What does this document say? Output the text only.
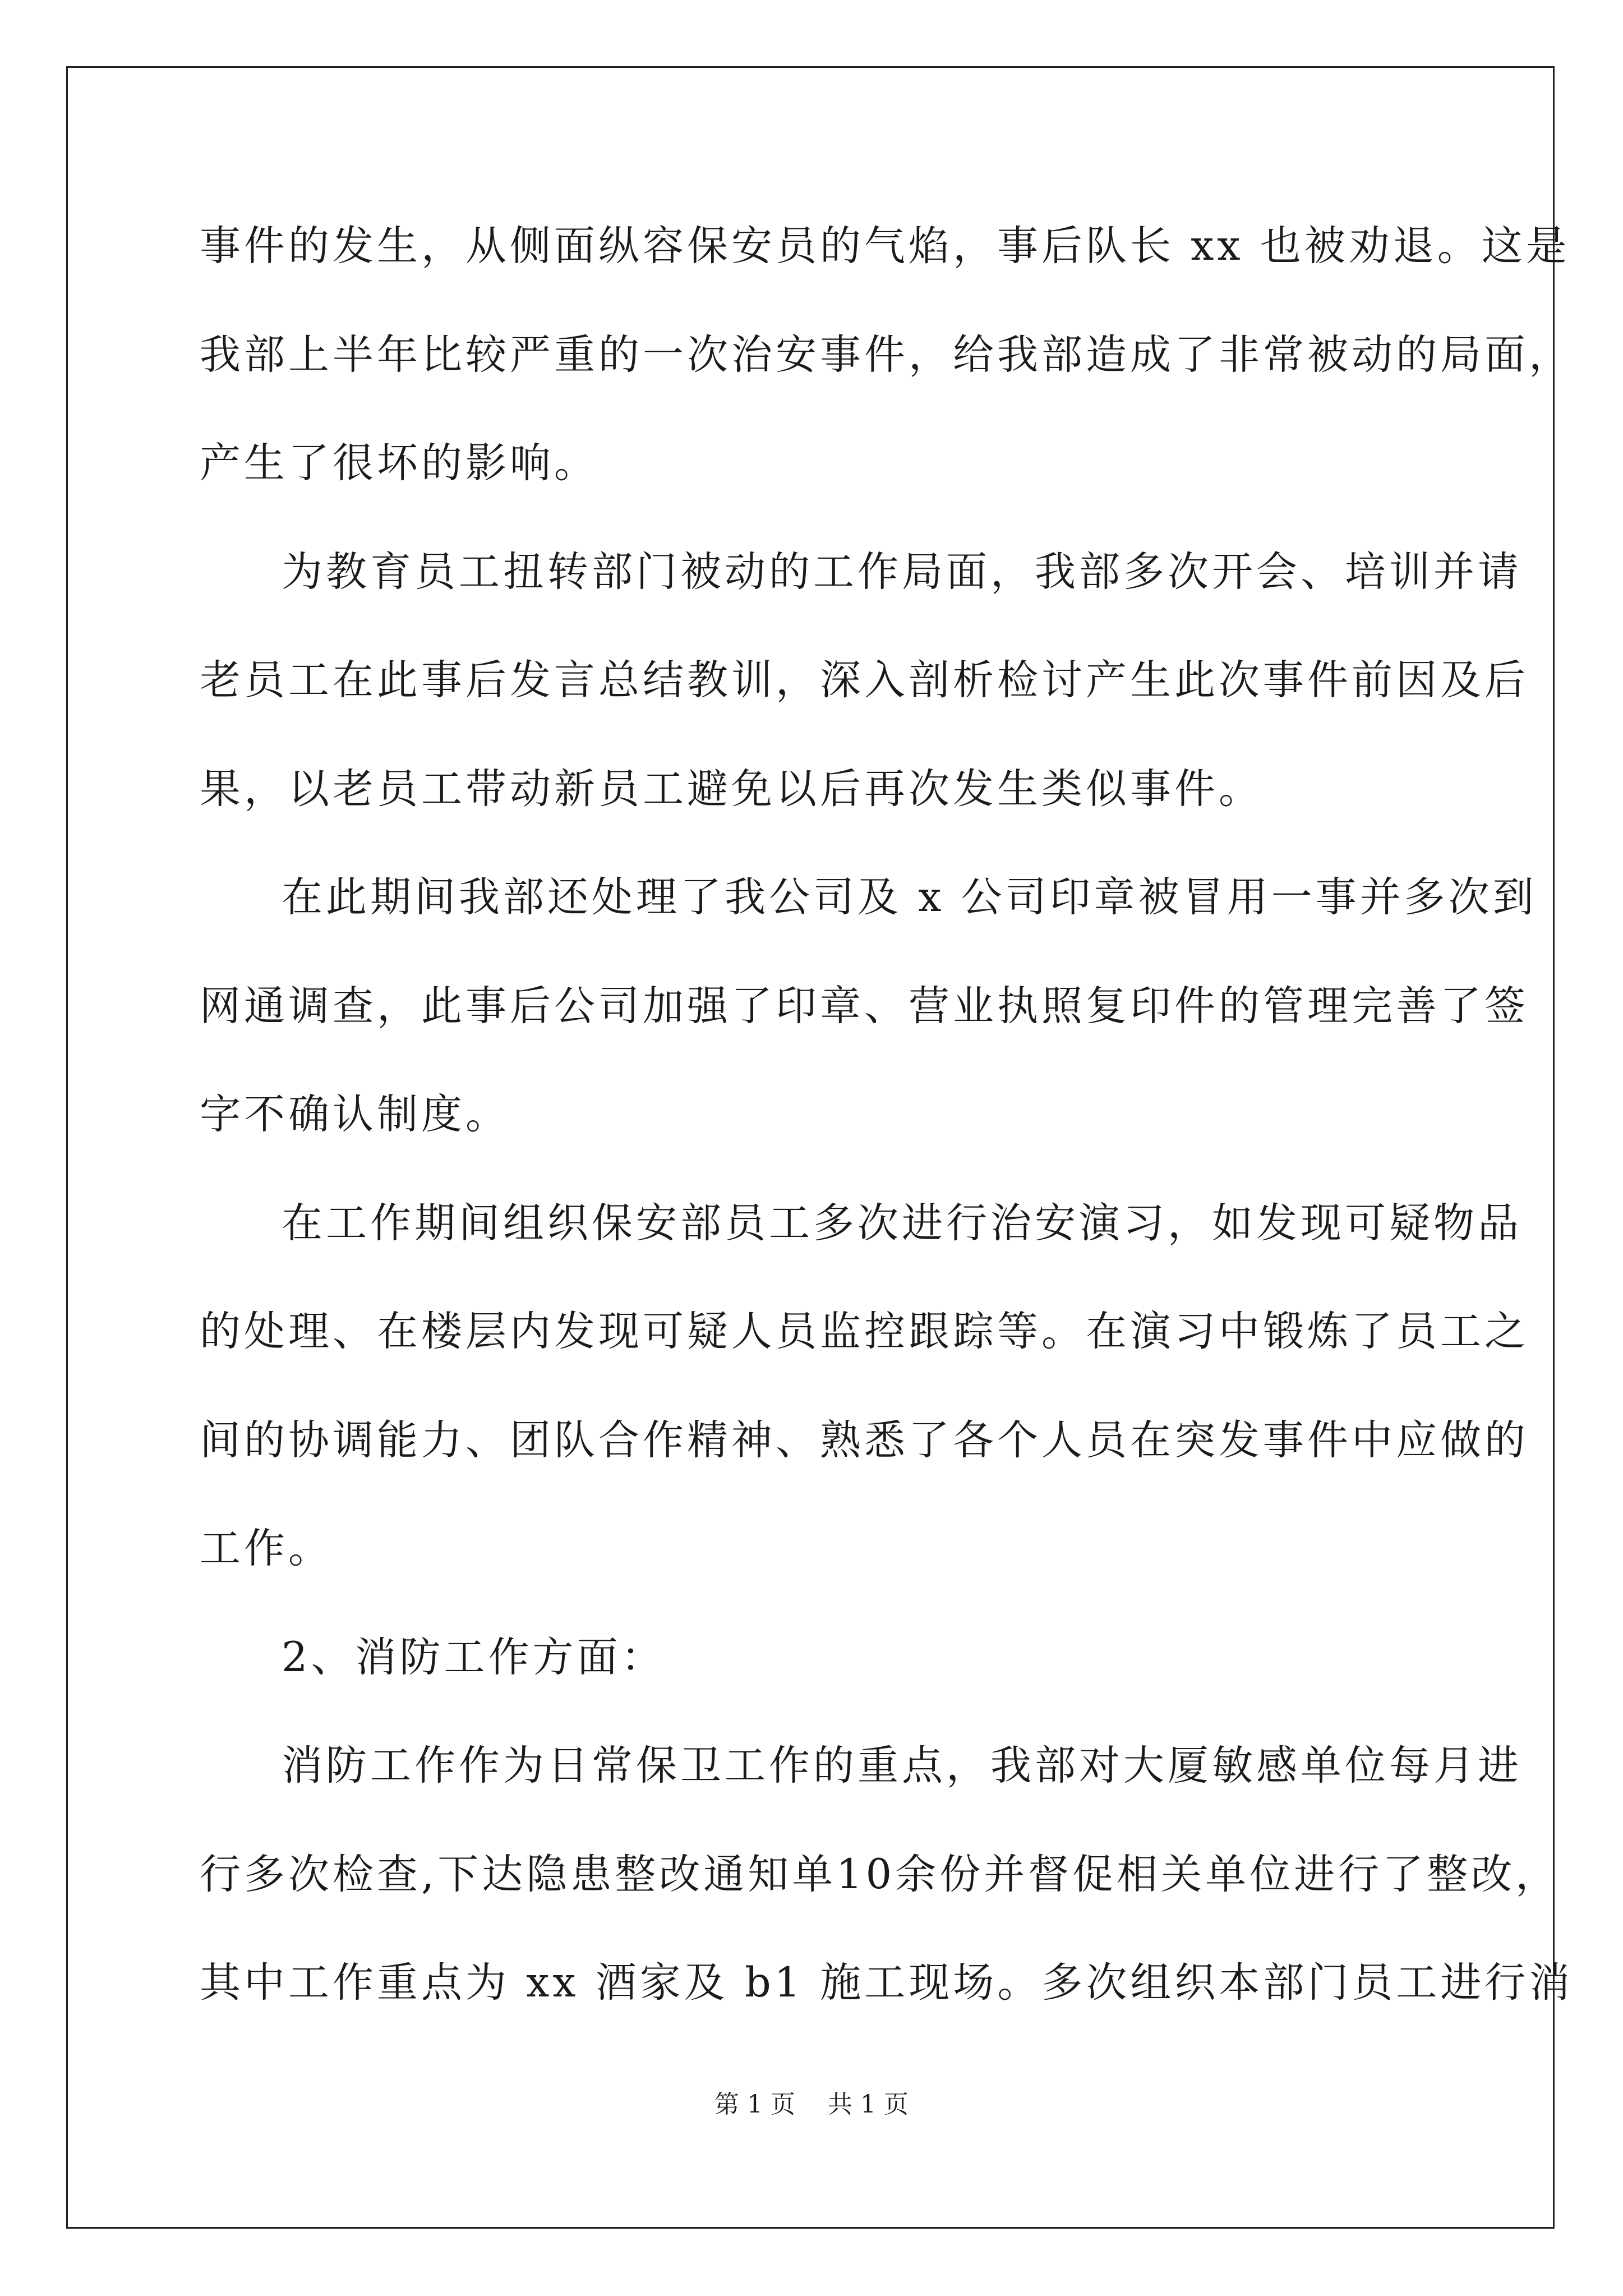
事件的发生，从侧面纵容保安员的气焰，事后队长 xx 也被劝退。这是
我部上半年比较严重的一次治安事件，给我部造成了非常被动的局面，
产生了很坏的影响。
为教育员工扭转部门被动的工作局面，我部多次开会、培训并请
老员工在此事后发言总结教训，深入剖析检讨产生此次事件前因及后
果，以老员工带动新员工避免以后再次发生类似事件。
在此期间我部还处理了我公司及 x 公司印章被冒用一事并多次到
网通调查，此事后公司加强了印章、营业执照复印件的管理完善了签
字不确认制度。
在工作期间组织保安部员工多次进行治安演习，如发现可疑物品
的处理、在楼层内发现可疑人员监控跟踪等。在演习中锻炼了员工之
间的协调能力、团队合作精神、熟悉了各个人员在突发事件中应做的
工作。
2、消防工作方面：
消防工作作为日常保卫工作的重点，我部对大厦敏感单位每月进
行多次检查,下达隐患整改通知单10余份并督促相关单位进行了整改，
其中工作重点为 xx 酒家及 b1 施工现场。多次组织本部门员工进行消
第 1 页　 共 1 页
